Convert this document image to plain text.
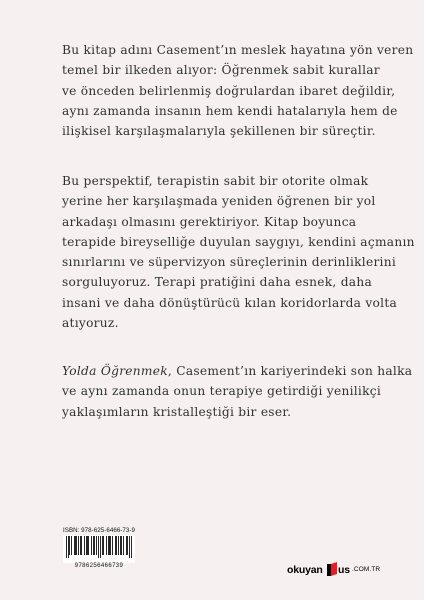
Bu kitap adını Casement’ın meslek hayatına yön veren
temel bir ilkeden alıyor: Öğrenmek sabit kurallar
ve önceden belirlenmiş doğrulardan ibaret değildir,
aynı zamanda insanın hem kendi hatalarıyla hem de
ilişkisel karşılaşmalarıyla şekillenen bir süreçtir.

Bu perspektif, terapistin sabit bir otorite olmak
yerine her karşılaşmada yeniden öğrenen bir yol
arkadaşı olmasını gerektiriyor. Kitap boyunca
terapide bireyselliğe duyulan saygıyı, kendini açmanın
sınırlarını ve süpervizyon süreçlerinin derinliklerini
sorguluyoruz. Terapi pratiğini daha esnek, daha
insani ve daha dönüştürücü kılan koridorlarda volta
atıyoruz.

Yolda Öğrenmek, Casement’ın kariyerindeki son halka
ve aynı zamanda onun terapiye getirdiği yenilikçi
yaklaşımların kristalleştiği bir eser.

ISBN: 978-625-6466-73-9
9786256466739	okuyan us .COM.TR
